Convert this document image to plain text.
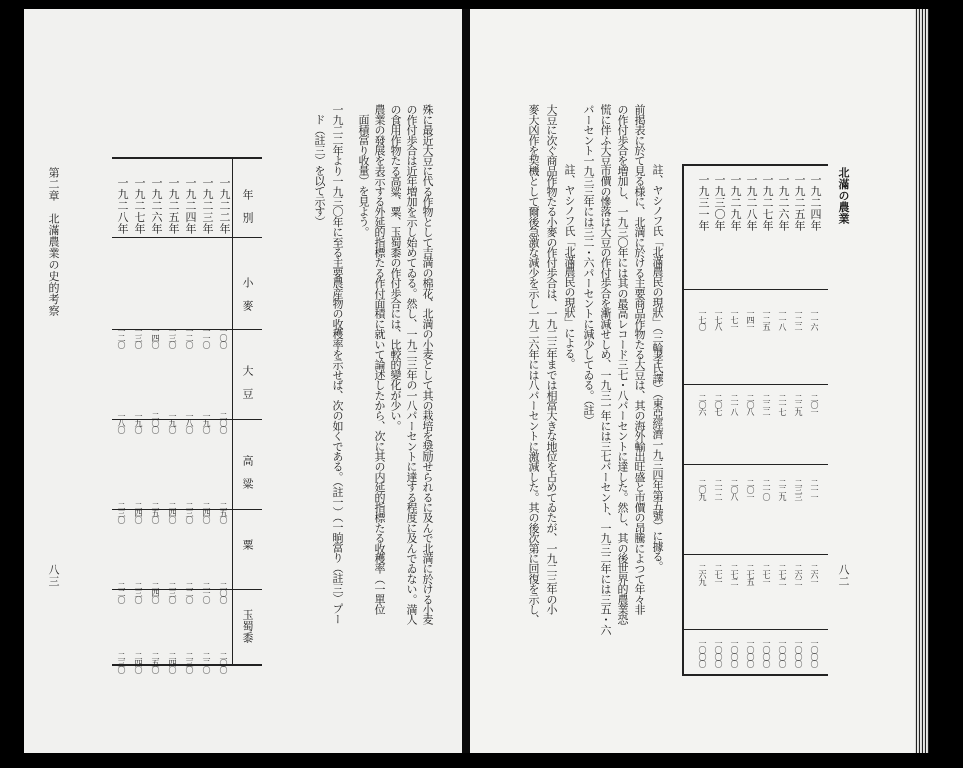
八三
第二章　北滿農業の史的考察	年　別
小　麥
大　豆
高　粱
粟
玉蜀黍
一九二二年
一〇〇
二〇〇
二五〇
二〇〇
二〇〇
一九二三年
一一〇
一九〇
二四〇
二一〇
二二〇
一九二四年
一二〇
一八〇
二三〇
二二〇
二三〇
一九二五年
一三〇
一九〇
二四〇
二三〇
二四〇
一九二六年
一四〇
二〇〇
二五〇
二四〇
二五〇
一九二七年
一三〇
一九〇
二四〇
二三〇
二四〇
一九二八年
一二〇
一八〇
二三〇
二二〇
二三〇
殊に最近大豆に代る作物として吉満の棉花、北満の小麦として其の栽培を奨励せられるに及んで北満に於ける小麦
の作付歩合は近年増加を示し始めてゐる。然し、一九二三年の一八パーセントに達する程度に及んでゐない。満人
の食用作物たる高粱、粟、玉蜀黍の作付歩合には、比較的變化が少い。
農業の發展を表示する外延的指標たる作付面積に就いて論述したから、次に其の内延的指標たる收穫率（一單位
面積當り收量）を見よう。
一九二二年より一九三〇年に至る主要農産物の收穫率を示せば、次の如くである。（註一）（一晌當り（註三）プー
ド（註三）を以て示す）
八二
北滿の農業
一九二四年
一一六
二〇一
二一一
二六一
一〇〇〇
一九二五年
一二二
二二九
二三三
二六二
一〇〇〇
一九二六年
一一八
二一七
二二九
二七二
一〇〇〇
一九二七年
一二五
二二二
二一〇
二七一
一〇〇〇
一九二八年
一四一
二〇八
二〇一
二七五
一〇〇〇
一九二九年
一七一
二一八
二〇八
二七二
一〇〇〇
一九三〇年
一七八
二〇七
二一二
二七一
一〇〇〇
一九三一年
一七〇
二〇六
二〇九
二六九
一〇〇〇
註、ヤシノフ氏「北滿農民の現狀」（三輪孝氏譯）（東亞經濟一九三四年第五號）に據る。
前掲表に於て見る様に、北満に於ける主要商品作物たる大豆は、其の海外輸出旺盛と市價の昂騰によつて年々非
の作付歩合を増加し、一九三〇年には其の最高レコード三七・八パーセントに達した。然し、其の後世界的農業恐
慌に伴ふ大豆市價の慘落は大豆の作付歩合を漸減せしめ、一九三一年には三七パーセント、一九三二年には三五・六
パーセント一九三三年には三二・六パーセントに減少してゐる。（註）
註、ヤシノフ氏「北滿農民の現狀」による。
大豆に次ぐ商品作物たる小麥の作付歩合は、一九二三年までは相當大きな地位を占めてゐたが、一九二三年の小
麥大凶作を契機として爾後急激な減少を示し一九二六年には八パーセントに激減した。其の後次第に回復を示し、
